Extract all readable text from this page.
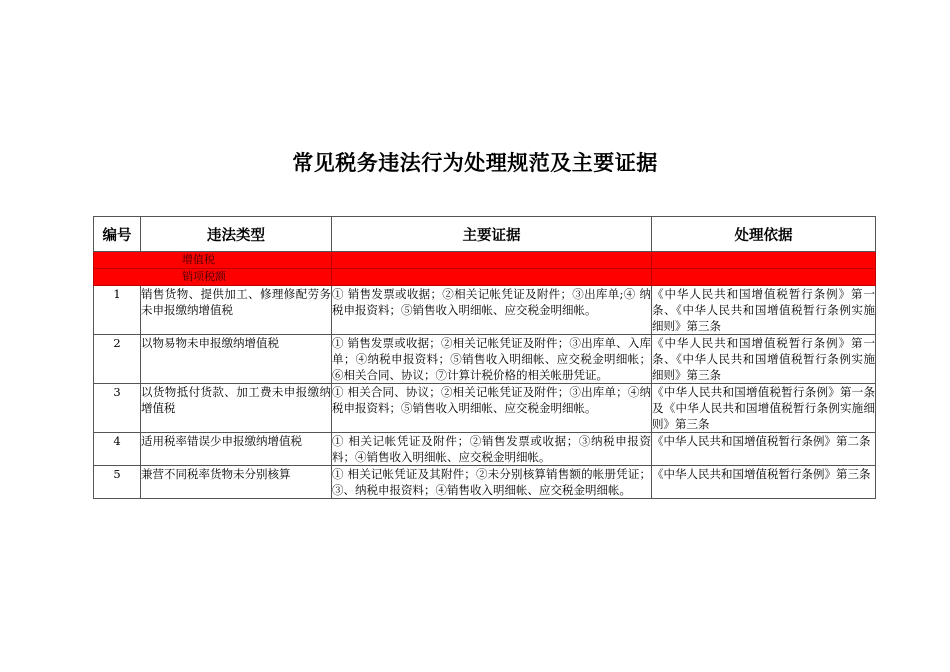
常见税务违法行为处理规范及主要证据
编号	违法类型	主要证据	处理依据

增值税			

销项税额			

1	销售货物、提供加工、修理修配劳务未申报缴纳增值税	① 销售发票或收据；②相关记帐凭证及附件；③出库单;④ 纳税申报资料；⑤销售收入明细帐、应交税金明细帐。	《中华人民共和国增值税暂行条例》第一条、《中华人民共和国增值税暂行条例实施细则》第三条
2	以物易物未申报缴纳增值税	① 销售发票或收据；②相关记帐凭证及附件；③出库单、入库单；④纳税申报资料；⑤销售收入明细帐、应交税金明细帐；⑥相关合同、协议；⑦计算计税价格的相关帐册凭证。	《中华人民共和国增值税暂行条例》第一条、《中华人民共和国增值税暂行条例实施细则》第三条
3	以货物抵付货款、加工费未申报缴纳增值税	① 相关合同、协议；②相关记帐凭证及附件；③出库单；④纳税申报资料；⑤销售收入明细帐、应交税金明细帐。	《中华人民共和国增值税暂行条例》第一条及《中华人民共和国增值税暂行条例实施细则》第三条
4	适用税率错误少申报缴纳增值税	① 相关记帐凭证及附件；②销售发票或收据；③纳税申报资料；④销售收入明细帐、应交税金明细帐。	《中华人民共和国增值税暂行条例》第二条
5	兼营不同税率货物未分别核算	① 相关记帐凭证及其附件；②未分别核算销售额的帐册凭证；③、纳税申报资料；④销售收入明细帐、应交税金明细帐。	《中华人民共和国增值税暂行条例》第三条
